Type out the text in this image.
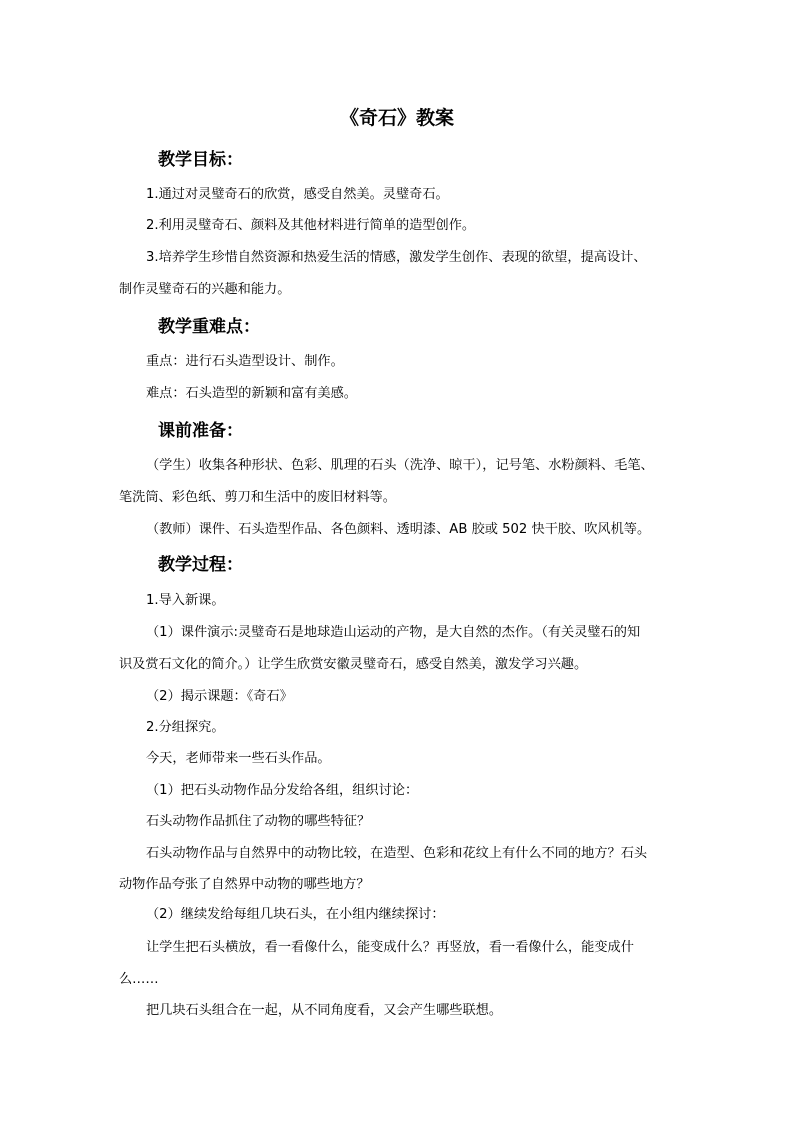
《奇石》教案
教学目标：
1.通过对灵璧奇石的欣赏，感受自然美。灵璧奇石。
2.利用灵璧奇石、颜料及其他材料进行简单的造型创作。
3.培养学生珍惜自然资源和热爱生活的情感，激发学生创作、表现的欲望，提高设计、
制作灵璧奇石的兴趣和能力。
教学重难点：
重点：进行石头造型设计、制作。
难点：石头造型的新颖和富有美感。
课前准备：
（学生）收集各种形状、色彩、肌理的石头（洗净、晾干），记号笔、水粉颜料、毛笔、
笔洗筒、彩色纸、剪刀和生活中的废旧材料等。
（教师）课件、石头造型作品、各色颜料、透明漆、AB 胶或 502 快干胶、吹风机等。
教学过程：
1.导入新课。
（1）课件演示:灵璧奇石是地球造山运动的产物，是大自然的杰作。（有关灵璧石的知
识及赏石文化的简介。）让学生欣赏安徽灵璧奇石，感受自然美，激发学习兴趣。
（2）揭示课题：《奇石》
2.分组探究。
今天，老师带来一些石头作品。
（1）把石头动物作品分发给各组，组织讨论：
石头动物作品抓住了动物的哪些特征？
石头动物作品与自然界中的动物比较，在造型、色彩和花纹上有什么不同的地方？石头
动物作品夸张了自然界中动物的哪些地方？
（2）继续发给每组几块石头，在小组内继续探讨：
让学生把石头横放，看一看像什么，能变成什么？再竖放，看一看像什么，能变成什
么……
把几块石头组合在一起，从不同角度看，又会产生哪些联想。
